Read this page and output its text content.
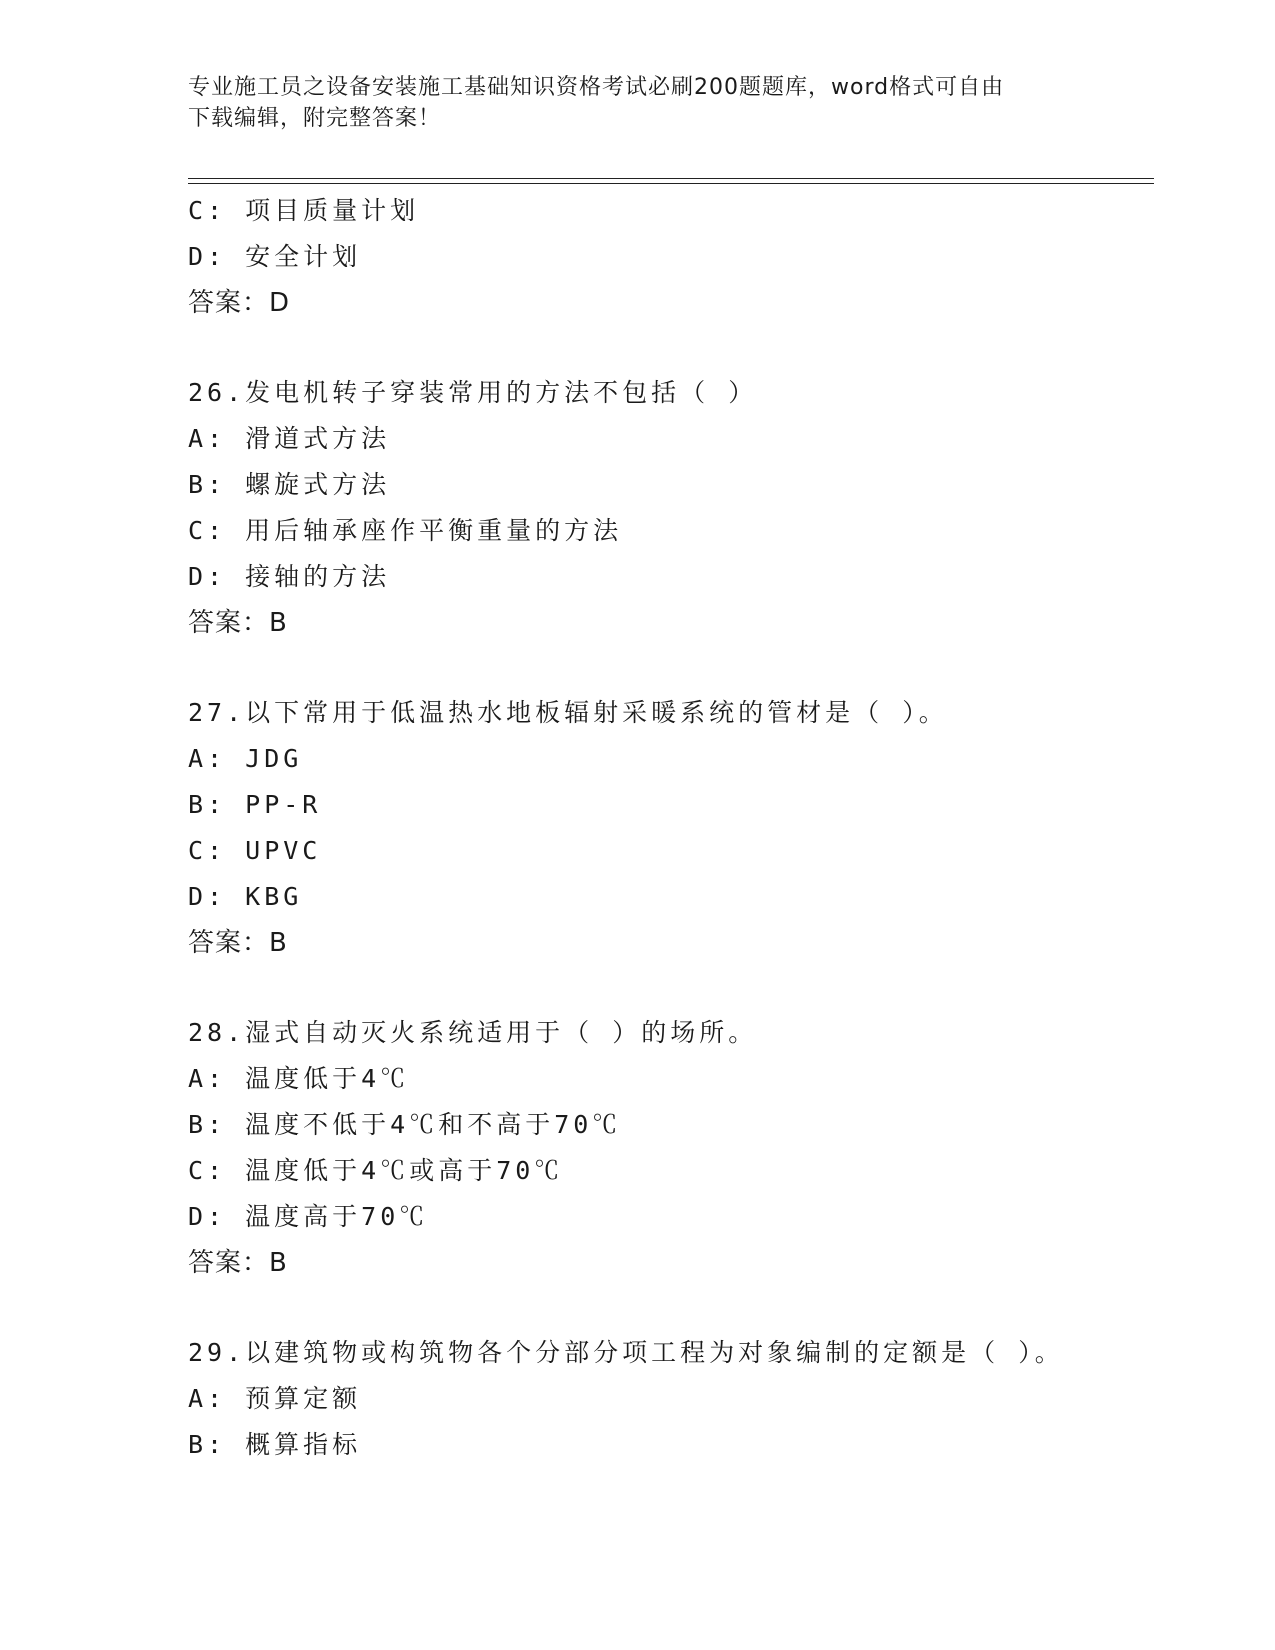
专业施工员之设备安装施工基础知识资格考试必刷200题题库，word格式可自由
下载编辑，附完整答案！
C: 项目质量计划
D: 安全计划
答案：D
26.发电机转子穿装常用的方法不包括（ ）
A: 滑道式方法
B: 螺旋式方法
C: 用后轴承座作平衡重量的方法
D: 接轴的方法
答案：B
27.以下常用于低温热水地板辐射采暖系统的管材是（ ）。
A: JDG
B: PP-R
C: UPVC
D: KBG
答案：B
28.湿式自动灭火系统适用于（ ）的场所。
A: 温度低于4℃
B: 温度不低于4℃和不高于70℃
C: 温度低于4℃或高于70℃
D: 温度高于70℃
答案：B
29.以建筑物或构筑物各个分部分项工程为对象编制的定额是（ ）。
A: 预算定额
B: 概算指标
